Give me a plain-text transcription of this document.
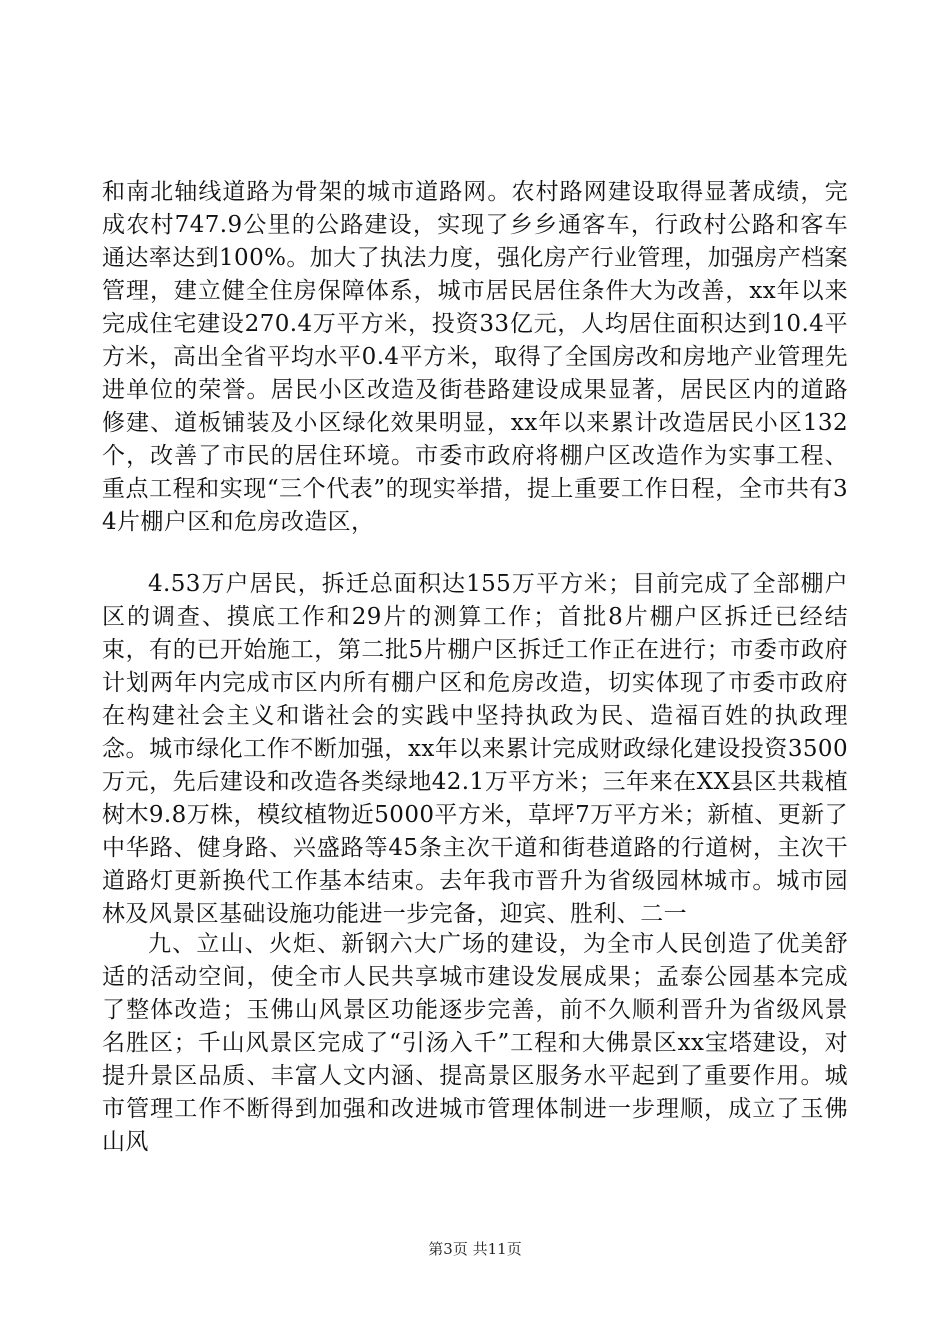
和南北轴线道路为骨架的城市道路网。农村路网建设取得显著成绩，完成农村747.9公里的公路建设，实现了乡乡通客车，行政村公路和客车通达率达到100%。加大了执法力度，强化房产行业管理，加强房产档案管理，建立健全住房保障体系，城市居民居住条件大为改善，xx年以来完成住宅建设270.4万平方米，投资33亿元，人均居住面积达到10.4平方米，高出全省平均水平0.4平方米，取得了全国房改和房地产业管理先进单位的荣誉。居民小区改造及街巷路建设成果显著，居民区内的道路修建、道板铺装及小区绿化效果明显，xx年以来累计改造居民小区132个，改善了市民的居住环境。市委市政府将棚户区改造作为实事工程、重点工程和实现“三个代表”的现实举措，提上重要工作日程，全市共有34片棚户区和危房改造区，

4.53万户居民，拆迁总面积达155万平方米；目前完成了全部棚户区的调查、摸底工作和29片的测算工作；首批8片棚户区拆迁已经结束，有的已开始施工，第二批5片棚户区拆迁工作正在进行；市委市政府计划两年内完成市区内所有棚户区和危房改造，切实体现了市委市政府在构建社会主义和谐社会的实践中坚持执政为民、造福百姓的执政理念。城市绿化工作不断加强，xx年以来累计完成财政绿化建设投资3500万元，先后建设和改造各类绿地42.1万平方米；三年来在XX县区共栽植树木9.8万株，模纹植物近5000平方米，草坪7万平方米；新植、更新了中华路、健身路、兴盛路等45条主次干道和街巷道路的行道树，主次干道路灯更新换代工作基本结束。去年我市晋升为省级园林城市。城市园林及风景区基础设施功能进一步完备，迎宾、胜利、二一

九、立山、火炬、新钢六大广场的建设，为全市人民创造了优美舒适的活动空间，使全市人民共享城市建设发展成果；孟泰公园基本完成了整体改造；玉佛山风景区功能逐步完善，前不久顺利晋升为省级风景名胜区；千山风景区完成了“引汤入千”工程和大佛景区xx宝塔建设，对提升景区品质、丰富人文内涵、提高景区服务水平起到了重要作用。城市管理工作不断得到加强和改进城市管理体制进一步理顺，成立了玉佛山风

第3页 共11页
